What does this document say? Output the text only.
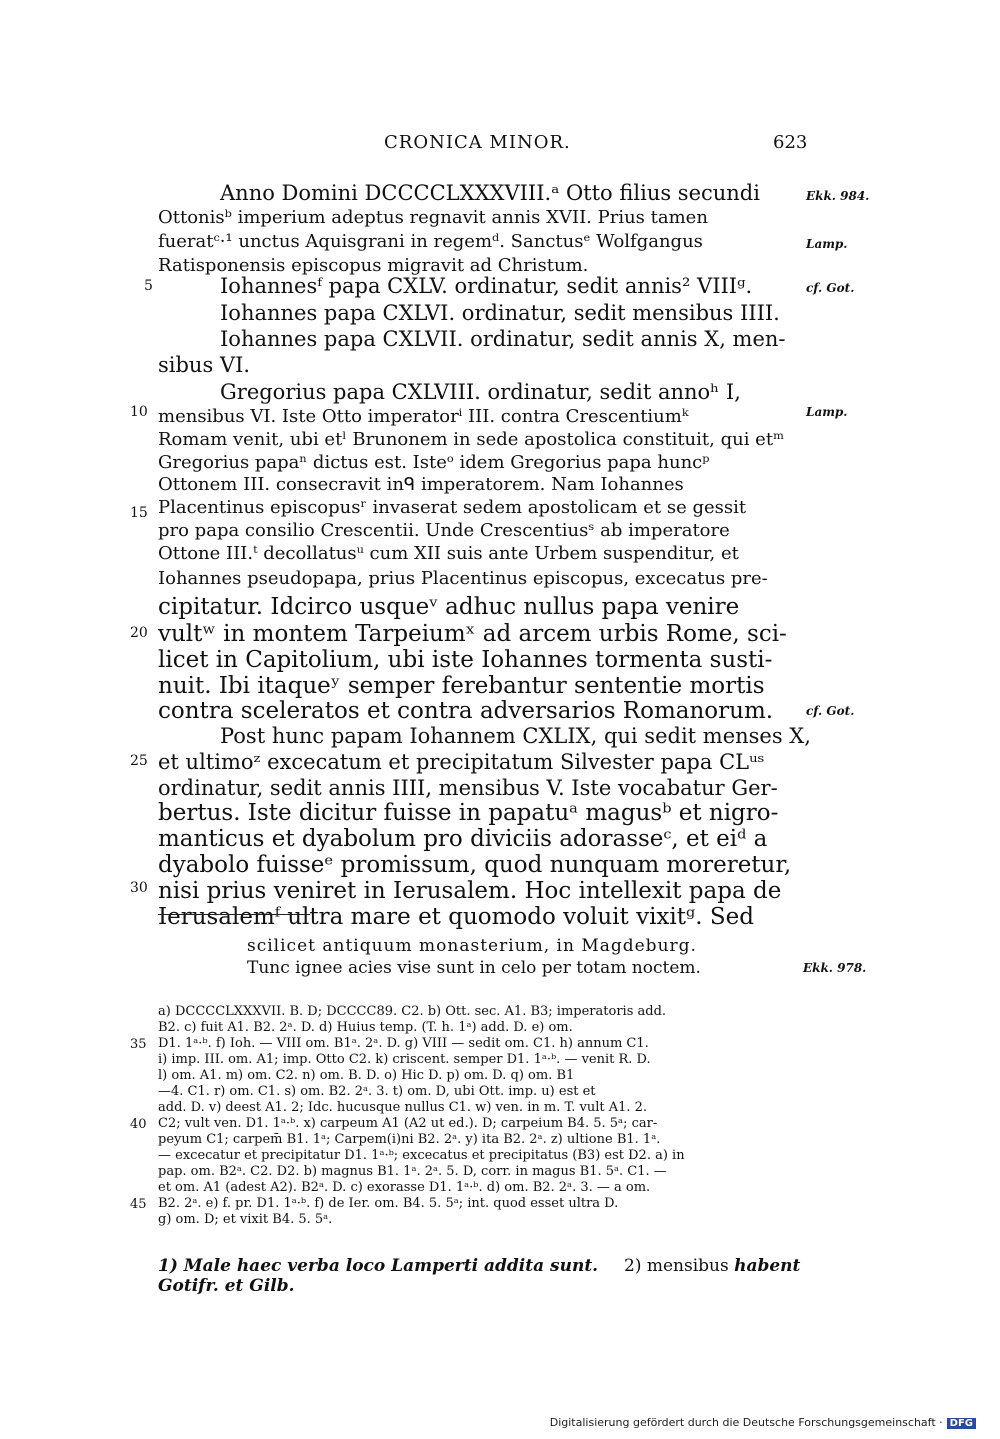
CRONICA MINOR.	623
Anno Domini DCCCCLXXXVIII.ᵃ Otto filius secundi
Ottonisᵇ imperium adeptus regnavit annis XVII. Prius tamen
fueratᶜ·¹ unctus Aquisgrani in regemᵈ. Sanctusᵉ Wolfgangus
Ratisponensis episcopus migravit ad Christum.
Iohannesᶠ papa CXLV. ordinatur, sedit annis² VIIIᵍ.
Iohannes papa CXLVI. ordinatur, sedit mensibus IIII.
Iohannes papa CXLVII. ordinatur, sedit annis X, men-
sibus VI.
Gregorius papa CXLVIII. ordinatur, sedit annoʰ I,
mensibus VI. Iste Otto imperatorⁱ III. contra Crescentiumᵏ
Romam venit, ubi etˡ Brunonem in sede apostolica constituit, qui etᵐ
Gregorius papaⁿ dictus est. Isteᵒ idem Gregorius papa huncᵖ
Ottonem III. consecravit inᑫ imperatorem. Nam Iohannes
Placentinus episcopusʳ invaserat sedem apostolicam et se gessit
pro papa consilio Crescentii. Unde Crescentiusˢ ab imperatore
Ottone III.ᵗ decollatusᵘ cum XII suis ante Urbem suspenditur, et
Iohannes pseudopapa, prius Placentinus episcopus, excecatus pre-
cipitatur. Idcirco usqueᵛ adhuc nullus papa venire
vultʷ in montem Tarpeiumˣ ad arcem urbis Rome, sci-
licet in Capitolium, ubi iste Iohannes tormenta susti-
nuit. Ibi itaqueʸ semper ferebantur sententie mortis
contra sceleratos et contra adversarios Romanorum.
Post hunc papam Iohannem CXLIX, qui sedit menses X,
et ultimoᶻ excecatum et precipitatum Silvester papa CLᵘˢ
ordinatur, sedit annis IIII, mensibus V. Iste vocabatur Ger-
bertus. Iste dicitur fuisse in papatuᵃ magusᵇ et nigro-
manticus et dyabolum pro diviciis adorasseᶜ, et eiᵈ a
dyabolo fuisseᵉ promissum, quod nunquam moreretur,
nisi prius veniret in Ierusalem. Hoc intellexit papa de
Ierusalemᶠ ultra mare et quomodo voluit vixitᵍ. Sed
5
10
15
20
25
30
Ekk. 984.
Lamp.
cf. Got.
Lamp.
cf. Got.
Ekk. 978.
scilicet antiquum monasterium, in Magdeburg.
Tunc ignee acies vise sunt in celo per totam noctem.
a) DCCCCLXXXVII. B. D; DCCCC89. C2. b) Ott. sec. A1. B3; imperatoris add.
B2. c) fuit A1. B2. 2ᵃ. D. d) Huius temp. (T. h. 1ᵃ) add. D. e) om.
D1. 1ᵃ·ᵇ. f) Ioh. — VIII om. B1ᵃ. 2ᵃ. D. g) VIII — sedit om. C1. h) annum C1.
i) imp. III. om. A1; imp. Otto C2. k) criscent. semper D1. 1ᵃ·ᵇ. — venit R. D.
l) om. A1. m) om. C2. n) om. B. D. o) Hic D. p) om. D. q) om. B1
—4. C1. r) om. C1. s) om. B2. 2ᵃ. 3. t) om. D, ubi Ott. imp. u) est et
add. D. v) deest A1. 2; Idc. hucusque nullus C1. w) ven. in m. T. vult A1. 2.
C2; vult ven. D1. 1ᵃ·ᵇ. x) carpeum A1 (A2 ut ed.). D; carpeium B4. 5. 5ᵃ; car-
peyum C1; carpem̄ B1. 1ᵃ; Carpem(i)ni B2. 2ᵃ. y) ita B2. 2ᵃ. z) ultione B1. 1ᵃ.
— excecatur et precipitatur D1. 1ᵃ·ᵇ; excecatus et precipitatus (B3) est D2. a) in
pap. om. B2ᵃ. C2. D2. b) magnus B1. 1ᵃ. 2ᵃ. 5. D, corr. in magus B1. 5ᵃ. C1. —
et om. A1 (adest A2). B2ᵃ. D. c) exorasse D1. 1ᵃ·ᵇ. d) om. B2. 2ᵃ. 3. — a om.
B2. 2ᵃ. e) f. pr. D1. 1ᵃ·ᵇ. f) de Ier. om. B4. 5. 5ᵃ; int. quod esset ultra D.
g) om. D; et vixit B4. 5. 5ᵃ.
35
40
45
1) Male haec verba loco Lamperti addita sunt.
Gotifr. et Gilb.
2) mensibus habent
Digitalisierung gefördert durch die Deutsche Forschungsgemeinschaft · DFG
